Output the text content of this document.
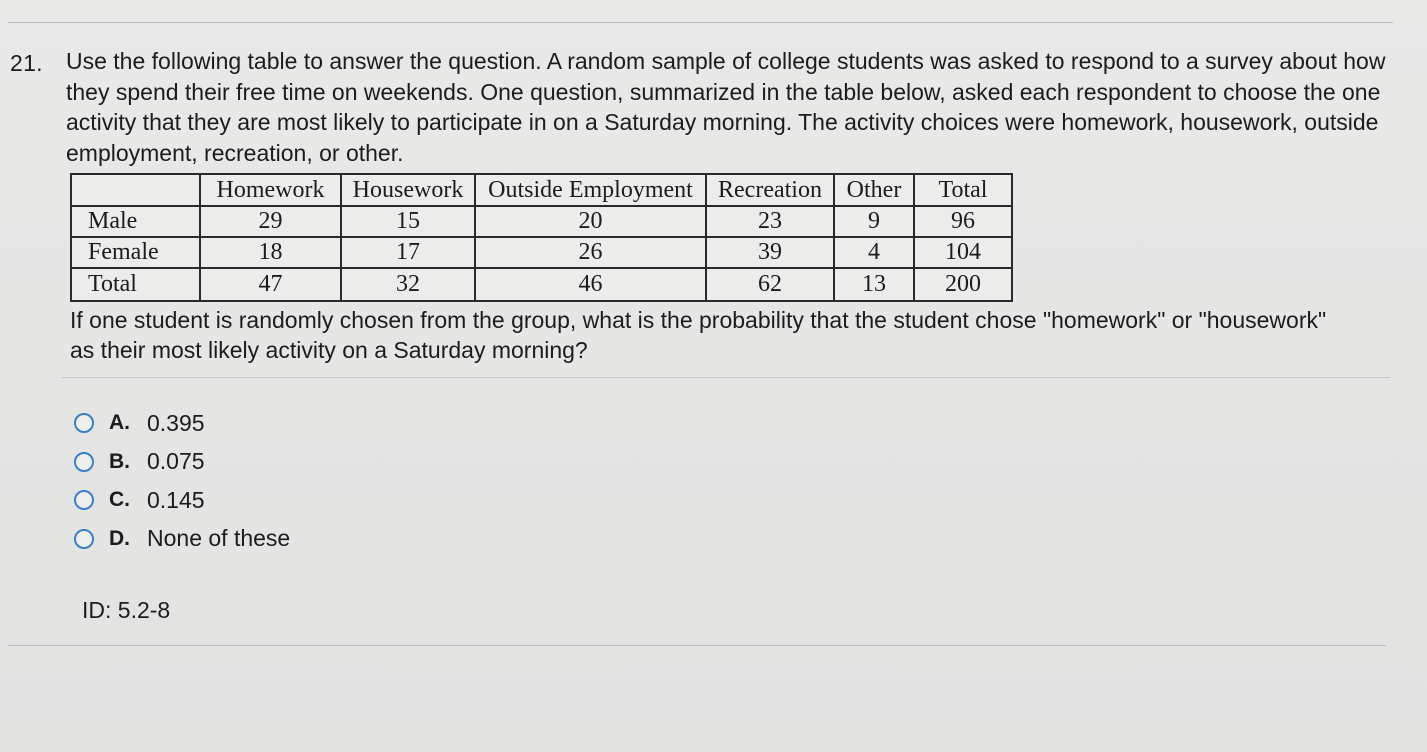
21. Use the following table to answer the question. A random sample of college students was asked to respond to a survey about how they spend their free time on weekends. One question, summarized in the table below, asked each respondent to choose the one activity that they are most likely to participate in on a Saturday morning. The activity choices were homework, housework, outside employment, recreation, or other.

	Homework	Housework	Outside Employment	Recreation	Other	Total
Male	29	15	20	23	9	96
Female	18	17	26	39	4	104
Total	47	32	46	62	13	200

If one student is randomly chosen from the group, what is the probability that the student chose "homework" or "housework" as their most likely activity on a Saturday morning?

A. 0.395
B. 0.075
C. 0.145
D. None of these
ID: 5.2-8
